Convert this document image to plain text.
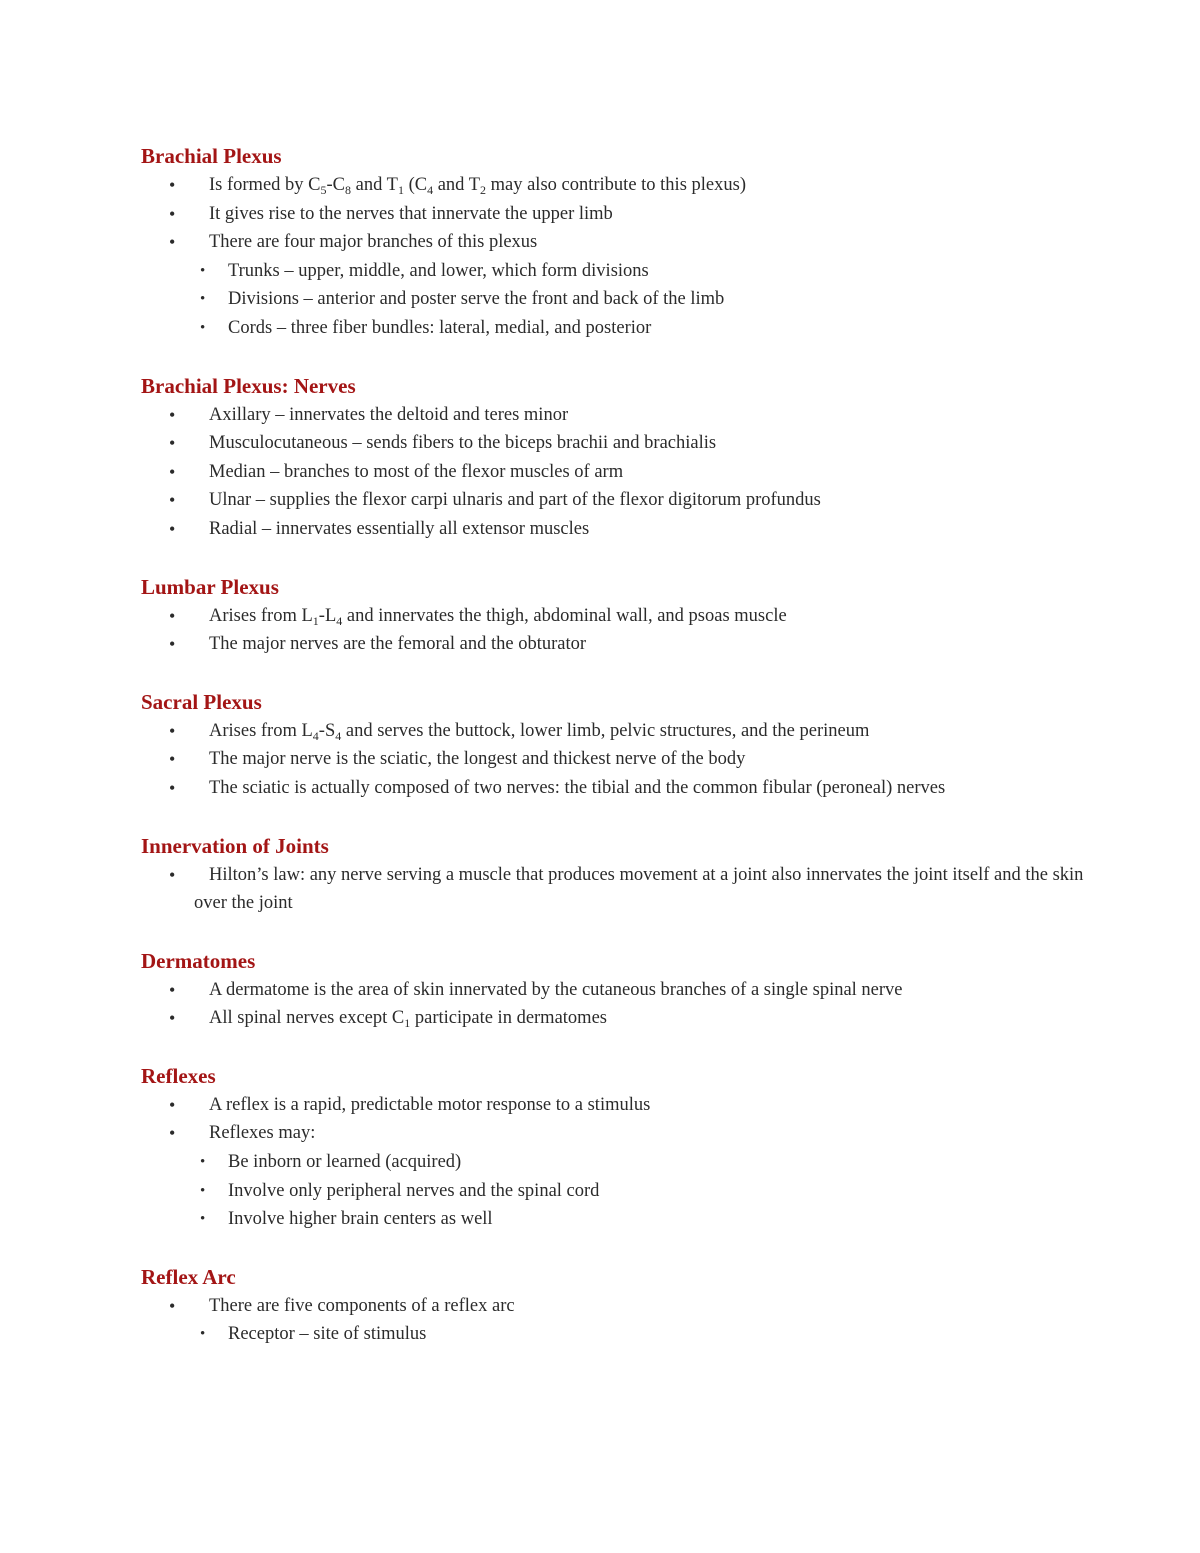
Brachial Plexus
• Is formed by $C_5-C_8$ and $T_1$ ($C_4$ and $T_2$ may also contribute to this plexus)
• It gives rise to the nerves that innervate the upper limb
• There are four major branches of this plexus
• Trunks – upper, middle, and lower, which form divisions
• Divisions – anterior and poster serve the front and back of the limb
• Cords – three fiber bundles: lateral, medial, and posterior
Brachial Plexus: Nerves
• Axillary – innervates the deltoid and teres minor
• Musculocutaneous – sends fibers to the biceps brachii and brachialis
• Median – branches to most of the flexor muscles of arm
• Ulnar – supplies the flexor carpi ulnaris and part of the flexor digitorum profundus
• Radial – innervates essentially all extensor muscles
Lumbar Plexus
• Arises from $L_1-L_4$ and innervates the thigh, abdominal wall, and psoas muscle
• The major nerves are the femoral and the obturator
Sacral Plexus
• Arises from $L_4-S_4$ and serves the buttock, lower limb, pelvic structures, and the perineum
• The major nerve is the sciatic, the longest and thickest nerve of the body
• The sciatic is actually composed of two nerves: the tibial and the common fibular (peroneal) nerves
Innervation of Joints
• Hilton’s law: any nerve serving a muscle that produces movement at a joint also innervates the joint itself and the skin over the joint
Dermatomes
• A dermatome is the area of skin innervated by the cutaneous branches of a single spinal nerve
• All spinal nerves except $C_1$ participate in dermatomes
Reflexes
• A reflex is a rapid, predictable motor response to a stimulus
• Reflexes may:
• Be inborn or learned (acquired)
• Involve only peripheral nerves and the spinal cord
• Involve higher brain centers as well
Reflex Arc
• There are five components of a reflex arc
• Receptor – site of stimulus
